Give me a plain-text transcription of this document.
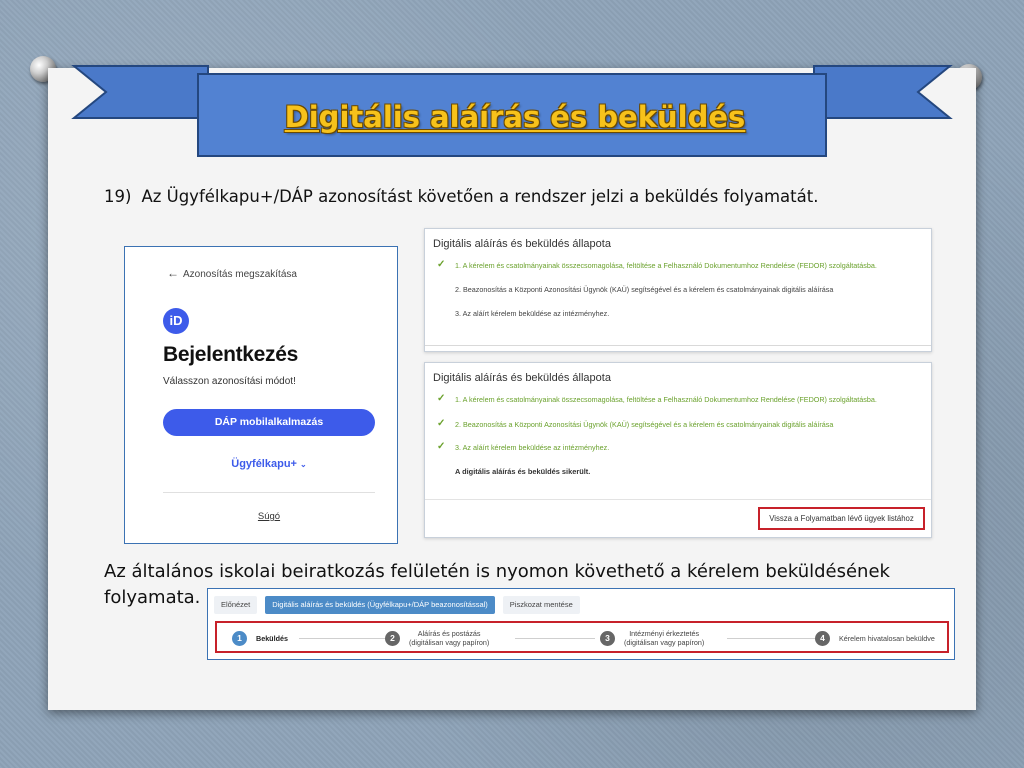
Digitális aláírás és beküldés
19) Az Ügyfélkapu+/DÁP azonosítást követően a rendszer jelzi a beküldés folyamatát.
← Azonosítás megszakítása
iD
Bejelentkezés
Válasszon azonosítási módot!
DÁP mobilalkalmazás
Ügyfélkapu+ ⌄
Súgó
Digitális aláírás és beküldés állapota
✓ 1. A kérelem és csatolmányainak összecsomagolása, feltöltése a Felhasználó Dokumentumhoz Rendelése (FEDOR) szolgáltatásba.
2. Beazonosítás a Központi Azonosítási Ügynök (KAÜ) segítségével és a kérelem és csatolmányainak digitális aláírása
3. Az aláírt kérelem beküldése az intézményhez.
Digitális aláírás és beküldés állapota
✓ 1. A kérelem és csatolmányainak összecsomagolása, feltöltése a Felhasználó Dokumentumhoz Rendelése (FEDOR) szolgáltatásba.
✓ 2. Beazonosítás a Központi Azonosítási Ügynök (KAÜ) segítségével és a kérelem és csatolmányainak digitális aláírása
✓ 3. Az aláírt kérelem beküldése az intézményhez.
A digitális aláírás és beküldés sikerült.
Vissza a Folyamatban lévő ügyek listához
Az általános iskolai beiratkozás felületén is nyomon követhető a kérelem beküldésének folyamata.	Előnézet	Digitális aláírás és beküldés (Ügyfélkapu+/DÁP beazonosítással)	Piszkozat mentése
1	Beküldés	2	Aláírás és postázás
(digitálisan vagy papíron)	3	Intézményi érkeztetés
(digitálisan vagy papíron)	4	Kérelem hivatalosan beküldve
